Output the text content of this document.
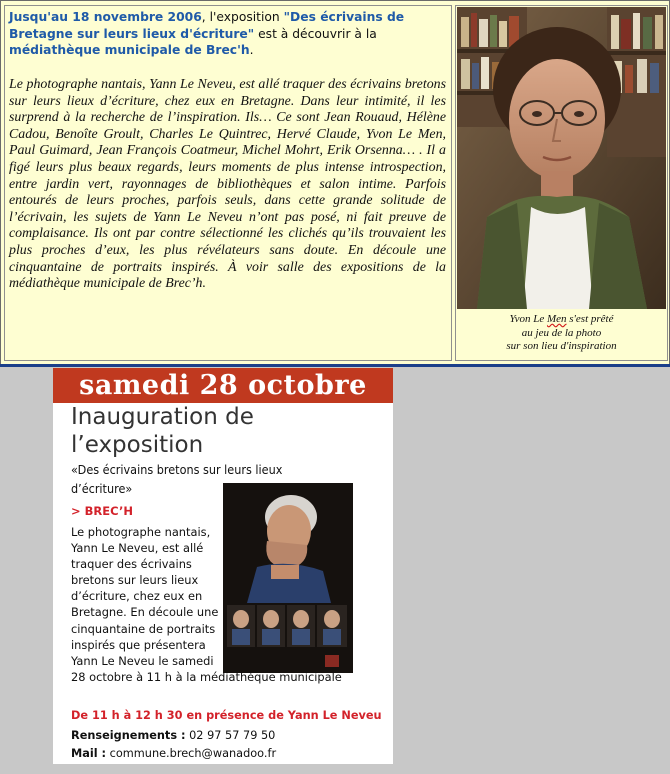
Jusqu'au 18 novembre 2006, l'exposition "Des écrivains de Bretagne sur leurs lieux d'écriture" est à découvrir à la médiathèque municipale de Brec'h.
Le photographe nantais, Yann Le Neveu, est allé traquer des écrivains bretons sur leurs lieux d’écriture, chez eux en Bretagne. Dans leur intimité, il les surprend à la recherche de l’inspiration. Ils… Ce sont Jean Rouaud, Hélène Cadou, Benoîte Groult, Charles Le Quintrec, Hervé Claude, Yvon Le Men, Paul Guimard, Jean François Coatmeur, Michel Mohrt, Erik Orsenna… . Il a figé leurs plus beaux regards, leurs moments de plus intense introspection, entre jardin vert, rayonnages de bibliothèques et salon intime. Parfois entourés de leurs proches, parfois seuls, dans cette grande solitude de l’écrivain, les sujets de Yann Le Neveu n’ont pas posé, ni fait preuve de complaisance. Ils ont par contre sélectionné les clichés qu’ils trouvaient les plus proches d’eux, les plus révélateurs sans doute. En découle une cinquantaine de portraits inspirés. À voir salle des expositions de la médiathèque municipale de Brec’h.
Yvon Le Men s'est prêté
au jeu de la photo
sur son lieu d'inspiration
samedi 28 octobre
Inauguration de
l’exposition
«Des écrivains bretons sur leurs lieux
d’écriture»
> BREC’H
Le photographe nantais,
Yann Le Neveu, est allé
traquer des écrivains
bretons sur leurs lieux
d’écriture, chez eux en
Bretagne. En découle une
cinquantaine de portraits
inspirés que présentera
Yann Le Neveu le samedi
28 octobre à 11 h à la médiathèque municipale
De 11 h à 12 h 30 en présence de Yann Le Neveu
Renseignements : 02 97 57 79 50
Mail : commune.brech@wanadoo.fr
